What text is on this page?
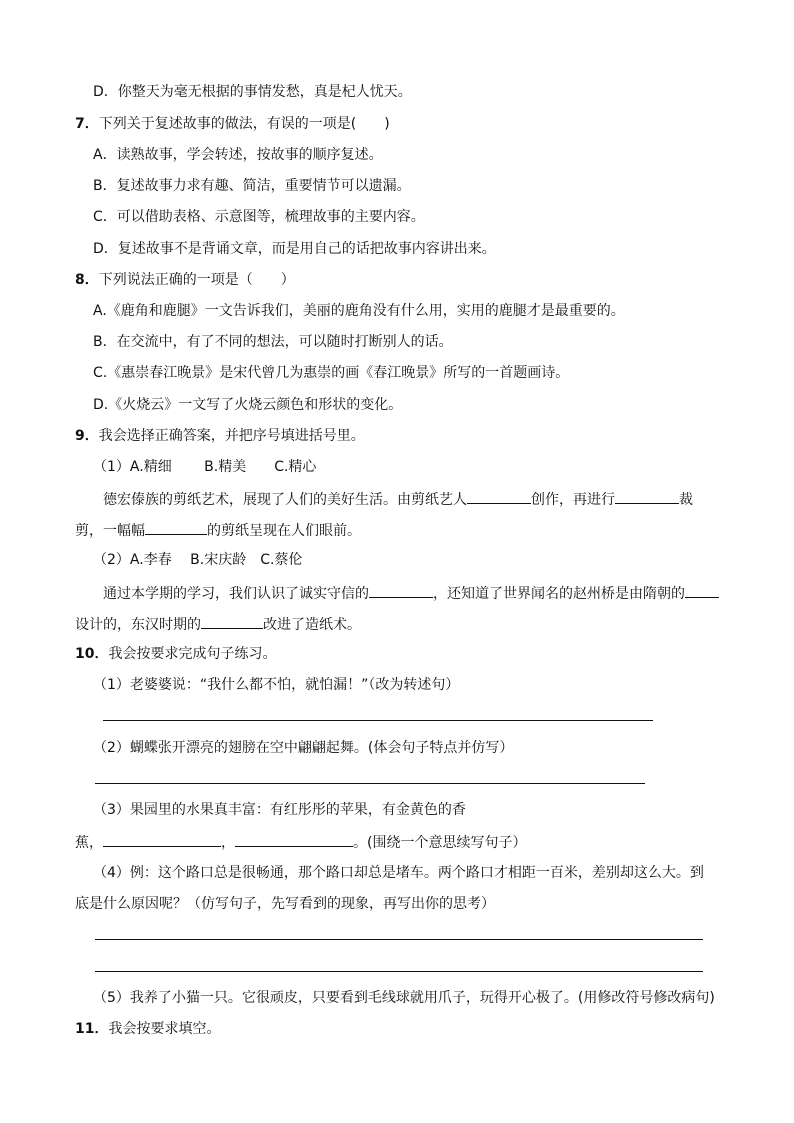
D．你整天为毫无根据的事情发愁，真是杞人忧天。
7．下列关于复述故事的做法，有误的一项是(　　)
A．读熟故事，学会转述，按故事的顺序复述。
B．复述故事力求有趣、简洁，重要情节可以遗漏。
C．可以借助表格、示意图等，梳理故事的主要内容。
D．复述故事不是背诵文章，而是用自己的话把故事内容讲出来。
8．下列说法正确的一项是（　　）
A.《鹿角和鹿腿》一文告诉我们，美丽的鹿角没有什么用，实用的鹿腿才是最重要的。
B．在交流中，有了不同的想法，可以随时打断别人的话。
C.《惠崇春江晚景》是宋代曾几为惠崇的画《春江晚景》所写的一首题画诗。
D.《火烧云》一文写了火烧云颜色和形状的变化。
9．我会选择正确答案，并把序号填进括号里。
（1）A.精细　　 B.精美　　C.精心
德宏傣族的剪纸艺术，展现了人们的美好生活。由剪纸艺人	创作，再进行	裁
剪，一幅幅	的剪纸呈现在人们眼前。
（2）A.李春　 B.宋庆龄　C.蔡伦
通过本学期的学习，我们认识了诚实守信的	，还知道了世界闻名的赵州桥是由隋朝的
设计的，东汉时期的	改进了造纸术。
10．我会按要求完成句子练习。
（1）老婆婆说：“我什么都不怕，就怕漏！”（改为转述句）
（2）蝴蝶张开漂亮的翅膀在空中翩翩起舞。(体会句子特点并仿写）
（3）果园里的水果真丰富：有红彤彤的苹果，有金黄色的香
蕉，	，	。(围绕一个意思续写句子）
（4）例：这个路口总是很畅通，那个路口却总是堵车。两个路口才相距一百米，差别却这么大。到
底是什么原因呢？（仿写句子，先写看到的现象，再写出你的思考）
（5）我养了小猫一只。它很顽皮，只要看到毛线球就用爪子，玩得开心极了。(用修改符号修改病句)
11．我会按要求填空。
